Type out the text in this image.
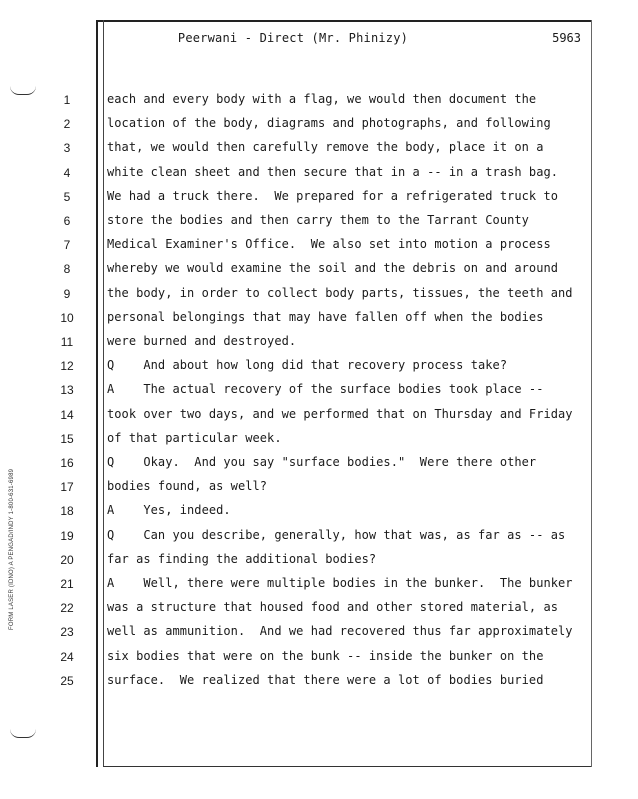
Peerwani - Direct (Mr. Phinizy)	5963
FORM LASER (IDNO) A PENGAD/INDY 1-800-631-6989
1	each and every body with a flag, we would then document the
2	location of the body, diagrams and photographs, and following
3	that, we would then carefully remove the body, place it on a
4	white clean sheet and then secure that in a -- in a trash bag.
5	We had a truck there.  We prepared for a refrigerated truck to
6	store the bodies and then carry them to the Tarrant County
7	Medical Examiner's Office.  We also set into motion a process
8	whereby we would examine the soil and the debris on and around
9	the body, in order to collect body parts, tissues, the teeth and
10	personal belongings that may have fallen off when the bodies
11	were burned and destroyed.
12	Q    And about how long did that recovery process take?
13	A    The actual recovery of the surface bodies took place --
14	took over two days, and we performed that on Thursday and Friday
15	of that particular week.
16	Q    Okay.  And you say "surface bodies."  Were there other
17	bodies found, as well?
18	A    Yes, indeed.
19	Q    Can you describe, generally, how that was, as far as -- as
20	far as finding the additional bodies?
21	A    Well, there were multiple bodies in the bunker.  The bunker
22	was a structure that housed food and other stored material, as
23	well as ammunition.  And we had recovered thus far approximately
24	six bodies that were on the bunk -- inside the bunker on the
25	surface.  We realized that there were a lot of bodies buried
